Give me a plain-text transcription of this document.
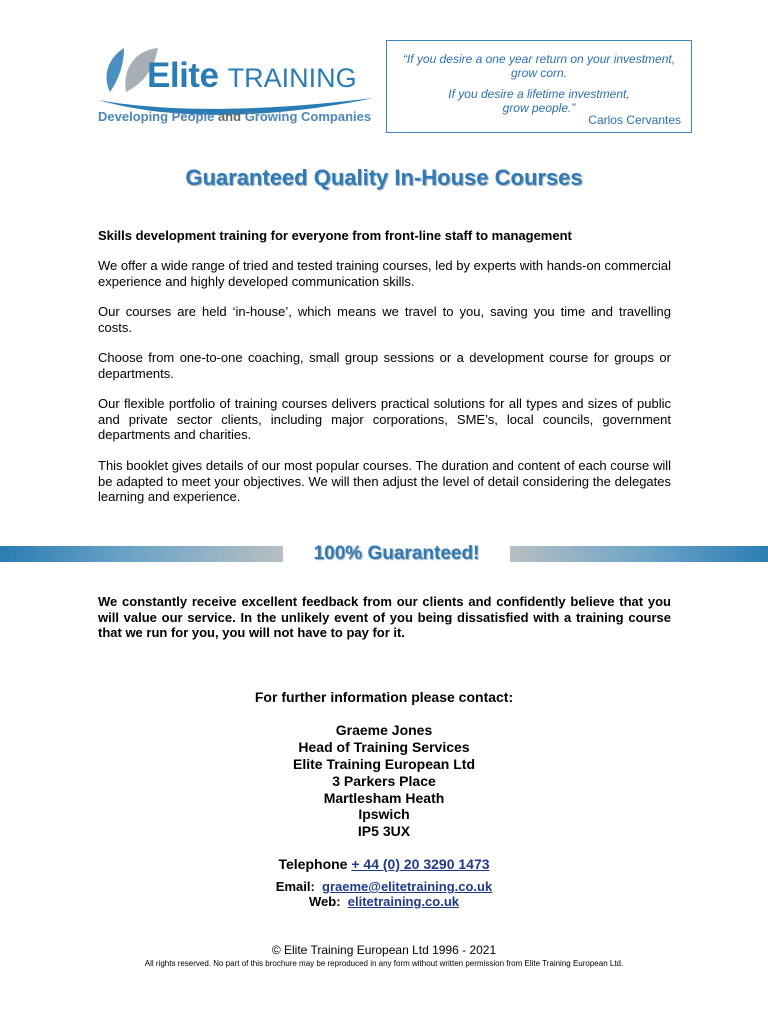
Elite TRAINING
Developing People and Growing Companies
“If you desire a one year return on your investment,
grow corn.
If you desire a lifetime investment,
grow people.”
Carlos Cervantes
Guaranteed Quality In-House Courses
Skills development training for everyone from front-line staff to management
We offer a wide range of tried and tested training courses, led by experts with hands-on commercial experience and highly developed communication skills.
Our courses are held ‘in-house’, which means we travel to you, saving you time and travelling costs.
Choose from one-to-one coaching, small group sessions or a development course for groups or departments.
Our flexible portfolio of training courses delivers practical solutions for all types and sizes of public and private sector clients, including major corporations, SME’s, local councils, government departments and charities.
This booklet gives details of our most popular courses. The duration and content of each course will be adapted to meet your objectives. We will then adjust the level of detail considering the delegates learning and experience.
100% Guaranteed!
We constantly receive excellent feedback from our clients and confidently believe that you will value our service. In the unlikely event of you being dissatisfied with a training course that we run for you, you will not have to pay for it.
For further information please contact:
Graeme Jones
Head of Training Services
Elite Training European Ltd
3 Parkers Place
Martlesham Heath
Ipswich
IP5 3UX
Telephone + 44 (0) 20 3290 1473
Email: graeme@elitetraining.co.uk
Web: elitetraining.co.uk
© Elite Training European Ltd 1996 - 2021
All rights reserved. No part of this brochure may be reproduced in any form without written permission from Elite Training European Ltd.
